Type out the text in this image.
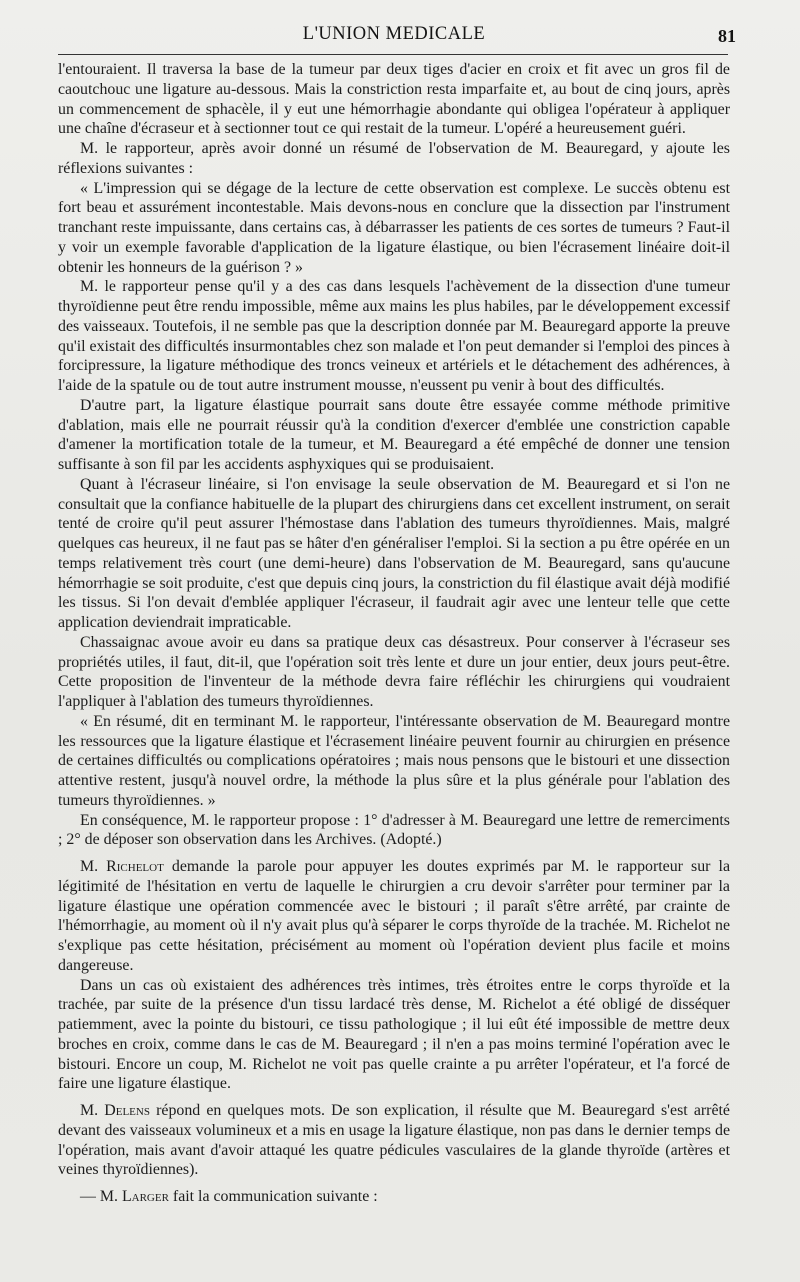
L'UNION MEDICALE	81

l'entouraient. Il traversa la base de la tumeur par deux tiges d'acier en croix et fit avec un gros fil de caoutchouc une ligature au-dessous. Mais la constriction resta imparfaite et, au bout de cinq jours, après un commencement de sphacèle, il y eut une hémorrhagie abondante qui obligea l'opérateur à appliquer une chaîne d'écraseur et à sectionner tout ce qui restait de la tumeur. L'opéré a heureusement guéri.

M. le rapporteur, après avoir donné un résumé de l'observation de M. Beauregard, y ajoute les réflexions suivantes :

« L'impression qui se dégage de la lecture de cette observation est complexe. Le succès obtenu est fort beau et assurément incontestable. Mais devons-nous en conclure que la dissection par l'instrument tranchant reste impuissante, dans certains cas, à débarrasser les patients de ces sortes de tumeurs ? Faut-il y voir un exemple favorable d'application de la ligature élastique, ou bien l'écrasement linéaire doit-il obtenir les honneurs de la guérison ? »

M. le rapporteur pense qu'il y a des cas dans lesquels l'achèvement de la dissection d'une tumeur thyroïdienne peut être rendu impossible, même aux mains les plus habiles, par le développement excessif des vaisseaux. Toutefois, il ne semble pas que la description donnée par M. Beauregard apporte la preuve qu'il existait des difficultés insurmontables chez son malade et l'on peut demander si l'emploi des pinces à forcipressure, la ligature méthodique des troncs veineux et artériels et le détachement des adhérences, à l'aide de la spatule ou de tout autre instrument mousse, n'eussent pu venir à bout des difficultés.

D'autre part, la ligature élastique pourrait sans doute être essayée comme méthode primitive d'ablation, mais elle ne pourrait réussir qu'à la condition d'exercer d'emblée une constriction capable d'amener la mortification totale de la tumeur, et M. Beauregard a été empêché de donner une tension suffisante à son fil par les accidents asphyxiques qui se produisaient.

Quant à l'écraseur linéaire, si l'on envisage la seule observation de M. Beauregard et si l'on ne consultait que la confiance habituelle de la plupart des chirurgiens dans cet excellent instrument, on serait tenté de croire qu'il peut assurer l'hémostase dans l'ablation des tumeurs thyroïdiennes. Mais, malgré quelques cas heureux, il ne faut pas se hâter d'en généraliser l'emploi. Si la section a pu être opérée en un temps relativement très court (une demi-heure) dans l'observation de M. Beauregard, sans qu'aucune hémorrhagie se soit produite, c'est que depuis cinq jours, la constriction du fil élastique avait déjà modifié les tissus. Si l'on devait d'emblée appliquer l'écraseur, il faudrait agir avec une lenteur telle que cette application deviendrait impraticable.

Chassaignac avoue avoir eu dans sa pratique deux cas désastreux. Pour conserver à l'écraseur ses propriétés utiles, il faut, dit-il, que l'opération soit très lente et dure un jour entier, deux jours peut-être. Cette proposition de l'inventeur de la méthode devra faire réfléchir les chirurgiens qui voudraient l'appliquer à l'ablation des tumeurs thyroïdiennes.

« En résumé, dit en terminant M. le rapporteur, l'intéressante observation de M. Beauregard montre les ressources que la ligature élastique et l'écrasement linéaire peuvent fournir au chirurgien en présence de certaines difficultés ou complications opératoires ; mais nous pensons que le bistouri et une dissection attentive restent, jusqu'à nouvel ordre, la méthode la plus sûre et la plus générale pour l'ablation des tumeurs thyroïdiennes. »

En conséquence, M. le rapporteur propose : 1° d'adresser à M. Beauregard une lettre de remerciments ; 2° de déposer son observation dans les Archives. (Adopté.)

M. Richelot demande la parole pour appuyer les doutes exprimés par M. le rapporteur sur la légitimité de l'hésitation en vertu de laquelle le chirurgien a cru devoir s'arrêter pour terminer par la ligature élastique une opération commencée avec le bistouri ; il paraît s'être arrêté, par crainte de l'hémorrhagie, au moment où il n'y avait plus qu'à séparer le corps thyroïde de la trachée. M. Richelot ne s'explique pas cette hésitation, précisément au moment où l'opération devient plus facile et moins dangereuse.

Dans un cas où existaient des adhérences très intimes, très étroites entre le corps thyroïde et la trachée, par suite de la présence d'un tissu lardacé très dense, M. Richelot a été obligé de disséquer patiemment, avec la pointe du bistouri, ce tissu pathologique ; il lui eût été impossible de mettre deux broches en croix, comme dans le cas de M. Beauregard ; il n'en a pas moins terminé l'opération avec le bistouri. Encore un coup, M. Richelot ne voit pas quelle crainte a pu arrêter l'opérateur, et l'a forcé de faire une ligature élastique.

M. Delens répond en quelques mots. De son explication, il résulte que M. Beauregard s'est arrêté devant des vaisseaux volumineux et a mis en usage la ligature élastique, non pas dans le dernier temps de l'opération, mais avant d'avoir attaqué les quatre pédicules vasculaires de la glande thyroïde (artères et veines thyroïdiennes).

— M. Larger fait la communication suivante :
